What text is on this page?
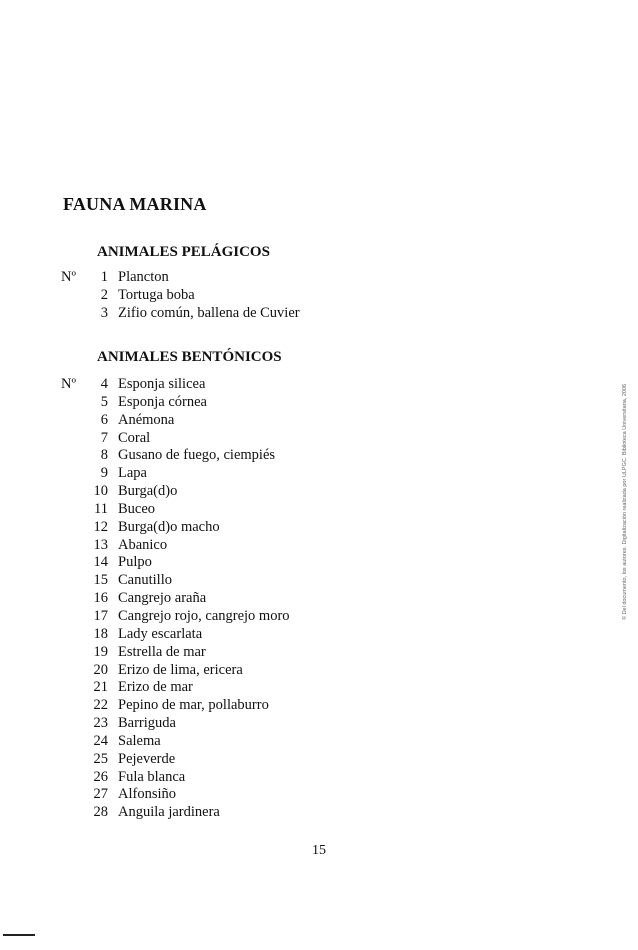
FAUNA MARINA
ANIMALES PELÁGICOS
Nº	1 Plancton
2 Tortuga boba
3 Zifio común, ballena de Cuvier
ANIMALES BENTÓNICOS
Nº	4 Esponja silicea
5 Esponja córnea
6 Anémona
7 Coral
8 Gusano de fuego, ciempiés
9 Lapa
10 Burga(d)o
11 Buceo
12 Burga(d)o macho
13 Abanico
14 Pulpo
15 Canutillo
16 Cangrejo araña
17 Cangrejo rojo, cangrejo moro
18 Lady escarlata
19 Estrella de mar
20 Erizo de lima, ericera
21 Erizo de mar
22 Pepino de mar, pollaburro
23 Barriguda
24 Salema
25 Pejeverde
26 Fula blanca
27 Alfonsiño
28 Anguila jardinera
15
© Del documento, los autores. Digitalización realizada por ULPGC. Biblioteca Universitaria, 2006
